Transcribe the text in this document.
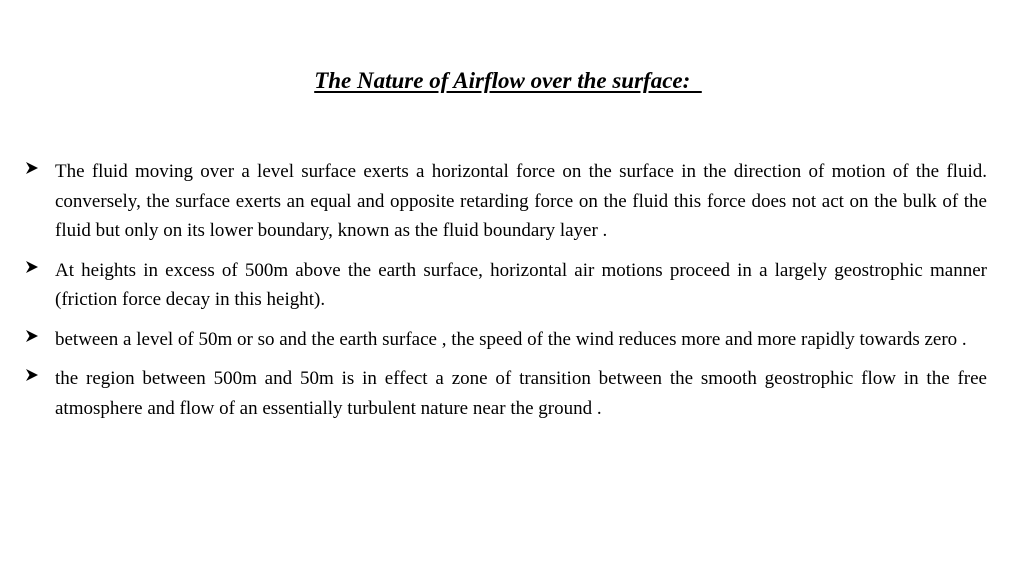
The Nature of Airflow over the surface:
The fluid moving over a level surface exerts a horizontal force on the surface in the direction of motion of the fluid. conversely, the surface exerts an equal and opposite retarding force on the fluid this force does not act on the bulk of the fluid but only on its lower boundary, known as the fluid boundary layer .
At heights in excess of 500m above the earth surface, horizontal air motions proceed in a largely geostrophic manner (friction force decay in this height).
between a level of 50m or so and the earth surface , the speed of the wind reduces more and more rapidly towards zero .
the region between 500m and 50m is in effect a zone of transition between the smooth geostrophic flow in the free atmosphere and flow of an essentially turbulent nature near the ground .
